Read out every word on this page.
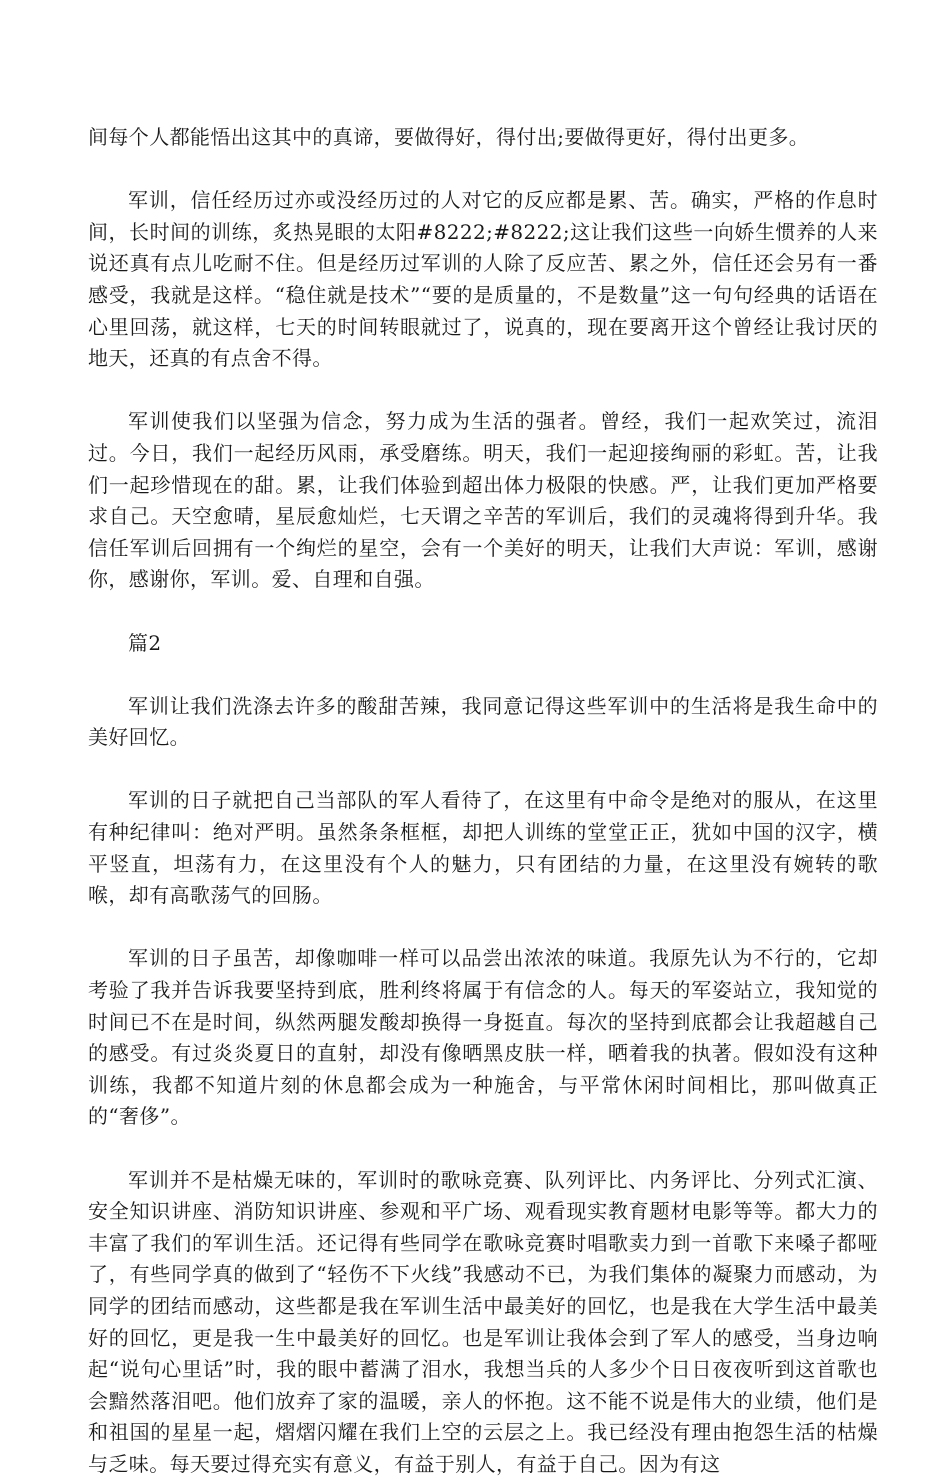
间每个人都能悟出这其中的真谛，要做得好，得付出;要做得更好，得付出更多。

军训，信任经历过亦或没经历过的人对它的反应都是累、苦。确实，严格的作息时间，长时间的训练，炙热晃眼的太阳#8222;#8222;这让我们这些一向娇生惯养的人来说还真有点儿吃耐不住。但是经历过军训的人除了反应苦、累之外，信任还会另有一番感受，我就是这样。“稳住就是技术”“要的是质量的，不是数量”这一句句经典的话语在心里回荡，就这样，七天的时间转眼就过了，说真的，现在要离开这个曾经让我讨厌的地天，还真的有点舍不得。

军训使我们以坚强为信念，努力成为生活的强者。曾经，我们一起欢笑过，流泪过。今日，我们一起经历风雨，承受磨练。明天，我们一起迎接绚丽的彩虹。苦，让我们一起珍惜现在的甜。累，让我们体验到超出体力极限的快感。严，让我们更加严格要求自己。天空愈晴，星辰愈灿烂，七天谓之辛苦的军训后，我们的灵魂将得到升华。我信任军训后回拥有一个绚烂的星空，会有一个美好的明天，让我们大声说：军训，感谢你，感谢你，军训。爱、自理和自强。

篇2

军训让我们洗涤去许多的酸甜苦辣，我同意记得这些军训中的生活将是我生命中的美好回忆。

军训的日子就把自己当部队的军人看待了，在这里有中命令是绝对的服从，在这里有种纪律叫：绝对严明。虽然条条框框，却把人训练的堂堂正正，犹如中国的汉字，横平竖直，坦荡有力，在这里没有个人的魅力，只有团结的力量，在这里没有婉转的歌喉，却有高歌荡气的回肠。

军训的日子虽苦，却像咖啡一样可以品尝出浓浓的味道。我原先认为不行的，它却考验了我并告诉我要坚持到底，胜利终将属于有信念的人。每天的军姿站立，我知觉的时间已不在是时间，纵然两腿发酸却换得一身挺直。每次的坚持到底都会让我超越自己的感受。有过炎炎夏日的直射，却没有像晒黑皮肤一样，晒着我的执著。假如没有这种训练，我都不知道片刻的休息都会成为一种施舍，与平常休闲时间相比，那叫做真正的“奢侈”。

军训并不是枯燥无味的，军训时的歌咏竞赛、队列评比、内务评比、分列式汇演、安全知识讲座、消防知识讲座、参观和平广场、观看现实教育题材电影等等。都大力的丰富了我们的军训生活。还记得有些同学在歌咏竞赛时唱歌卖力到一首歌下来嗓子都哑了，有些同学真的做到了“轻伤不下火线”我感动不已，为我们集体的凝聚力而感动，为同学的团结而感动，这些都是我在军训生活中最美好的回忆，也是我在大学生活中最美好的回忆，更是我一生中最美好的回忆。也是军训让我体会到了军人的感受，当身边响起“说句心里话”时，我的眼中蓄满了泪水，我想当兵的人多少个日日夜夜听到这首歌也会黯然落泪吧。他们放弃了家的温暖，亲人的怀抱。这不能不说是伟大的业绩，他们是和祖国的星星一起，熠熠闪耀在我们上空的云层之上。我已经没有理由抱怨生活的枯燥与乏味。每天要过得充实有意义，有益于别人，有益于自己。因为有这
